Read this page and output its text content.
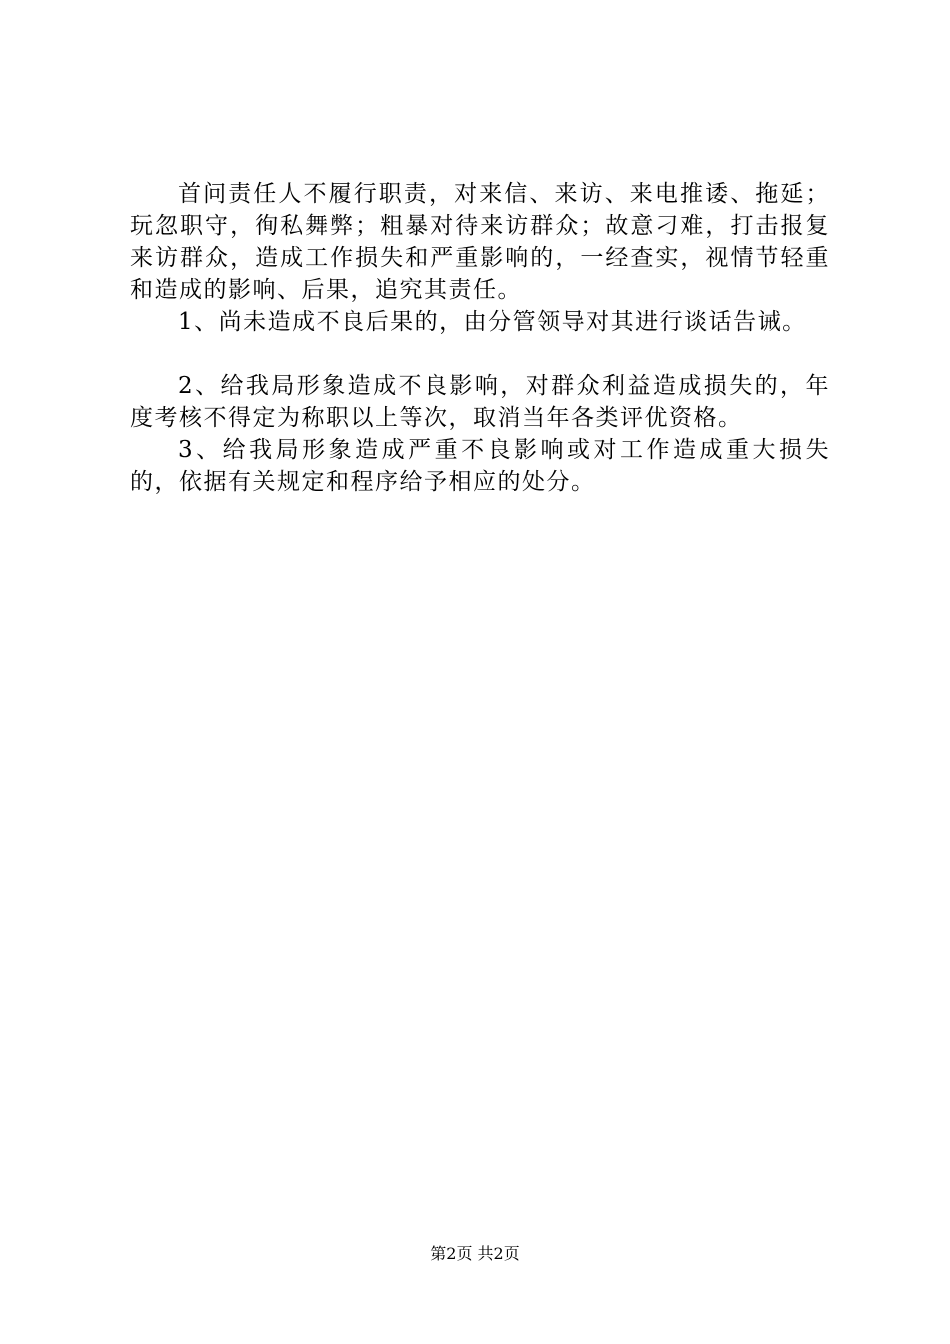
首问责任人不履行职责，对来信、来访、来电推诿、拖延；玩忽职守，徇私舞弊；粗暴对待来访群众；故意刁难，打击报复来访群众，造成工作损失和严重影响的，一经查实，视情节轻重和造成的影响、后果，追究其责任。

1、尚未造成不良后果的，由分管领导对其进行谈话告诫。

2、给我局形象造成不良影响，对群众利益造成损失的，年度考核不得定为称职以上等次，取消当年各类评优资格。

3、给我局形象造成严重不良影响或对工作造成重大损失的，依据有关规定和程序给予相应的处分。

第2页 共2页
